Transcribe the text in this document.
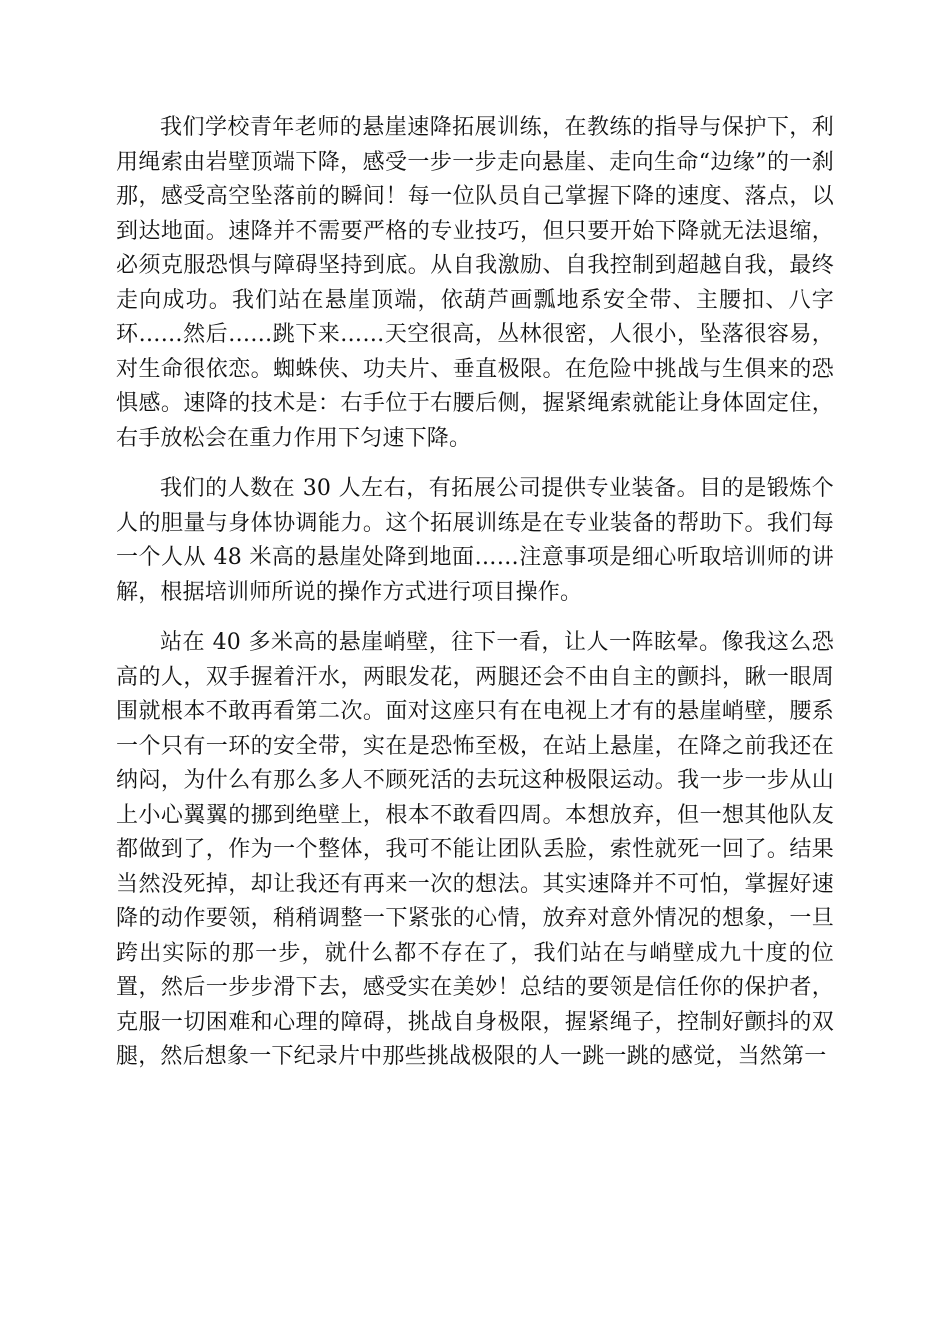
我们学校青年老师的悬崖速降拓展训练，在教练的指导与保护下，利用绳索由岩壁顶端下降，感受一步一步走向悬崖、走向生命“边缘”的一刹那，感受高空坠落前的瞬间！每一位队员自己掌握下降的速度、落点，以到达地面。速降并不需要严格的专业技巧，但只要开始下降就无法退缩，必须克服恐惧与障碍坚持到底。从自我激励、自我控制到超越自我，最终走向成功。我们站在悬崖顶端，依葫芦画瓢地系安全带、主腰扣、八字环……然后……跳下来……天空很高，丛林很密，人很小，坠落很容易，对生命很依恋。蜘蛛侠、功夫片、垂直极限。在危险中挑战与生俱来的恐惧感。速降的技术是：右手位于右腰后侧，握紧绳索就能让身体固定住，右手放松会在重力作用下匀速下降。

我们的人数在 30 人左右，有拓展公司提供专业装备。目的是锻炼个人的胆量与身体协调能力。这个拓展训练是在专业装备的帮助下。我们每一个人从 48 米高的悬崖处降到地面……注意事项是细心听取培训师的讲解，根据培训师所说的操作方式进行项目操作。

站在 40 多米高的悬崖峭壁，往下一看，让人一阵眩晕。像我这么恐高的人，双手握着汗水，两眼发花，两腿还会不由自主的颤抖，瞅一眼周围就根本不敢再看第二次。面对这座只有在电视上才有的悬崖峭壁，腰系一个只有一环的安全带，实在是恐怖至极，在站上悬崖，在降之前我还在纳闷，为什么有那么多人不顾死活的去玩这种极限运动。我一步一步从山上小心翼翼的挪到绝壁上，根本不敢看四周。本想放弃，但一想其他队友都做到了，作为一个整体，我可不能让团队丢脸，索性就死一回了。结果当然没死掉，却让我还有再来一次的想法。其实速降并不可怕，掌握好速降的动作要领，稍稍调整一下紧张的心情，放弃对意外情况的想象，一旦跨出实际的那一步，就什么都不存在了，我们站在与峭壁成九十度的位置，然后一步步滑下去，感受实在美妙！总结的要领是信任你的保护者，克服一切困难和心理的障碍，挑战自身极限，握紧绳子，控制好颤抖的双腿，然后想象一下纪录片中那些挑战极限的人一跳一跳的感觉，当然第一
